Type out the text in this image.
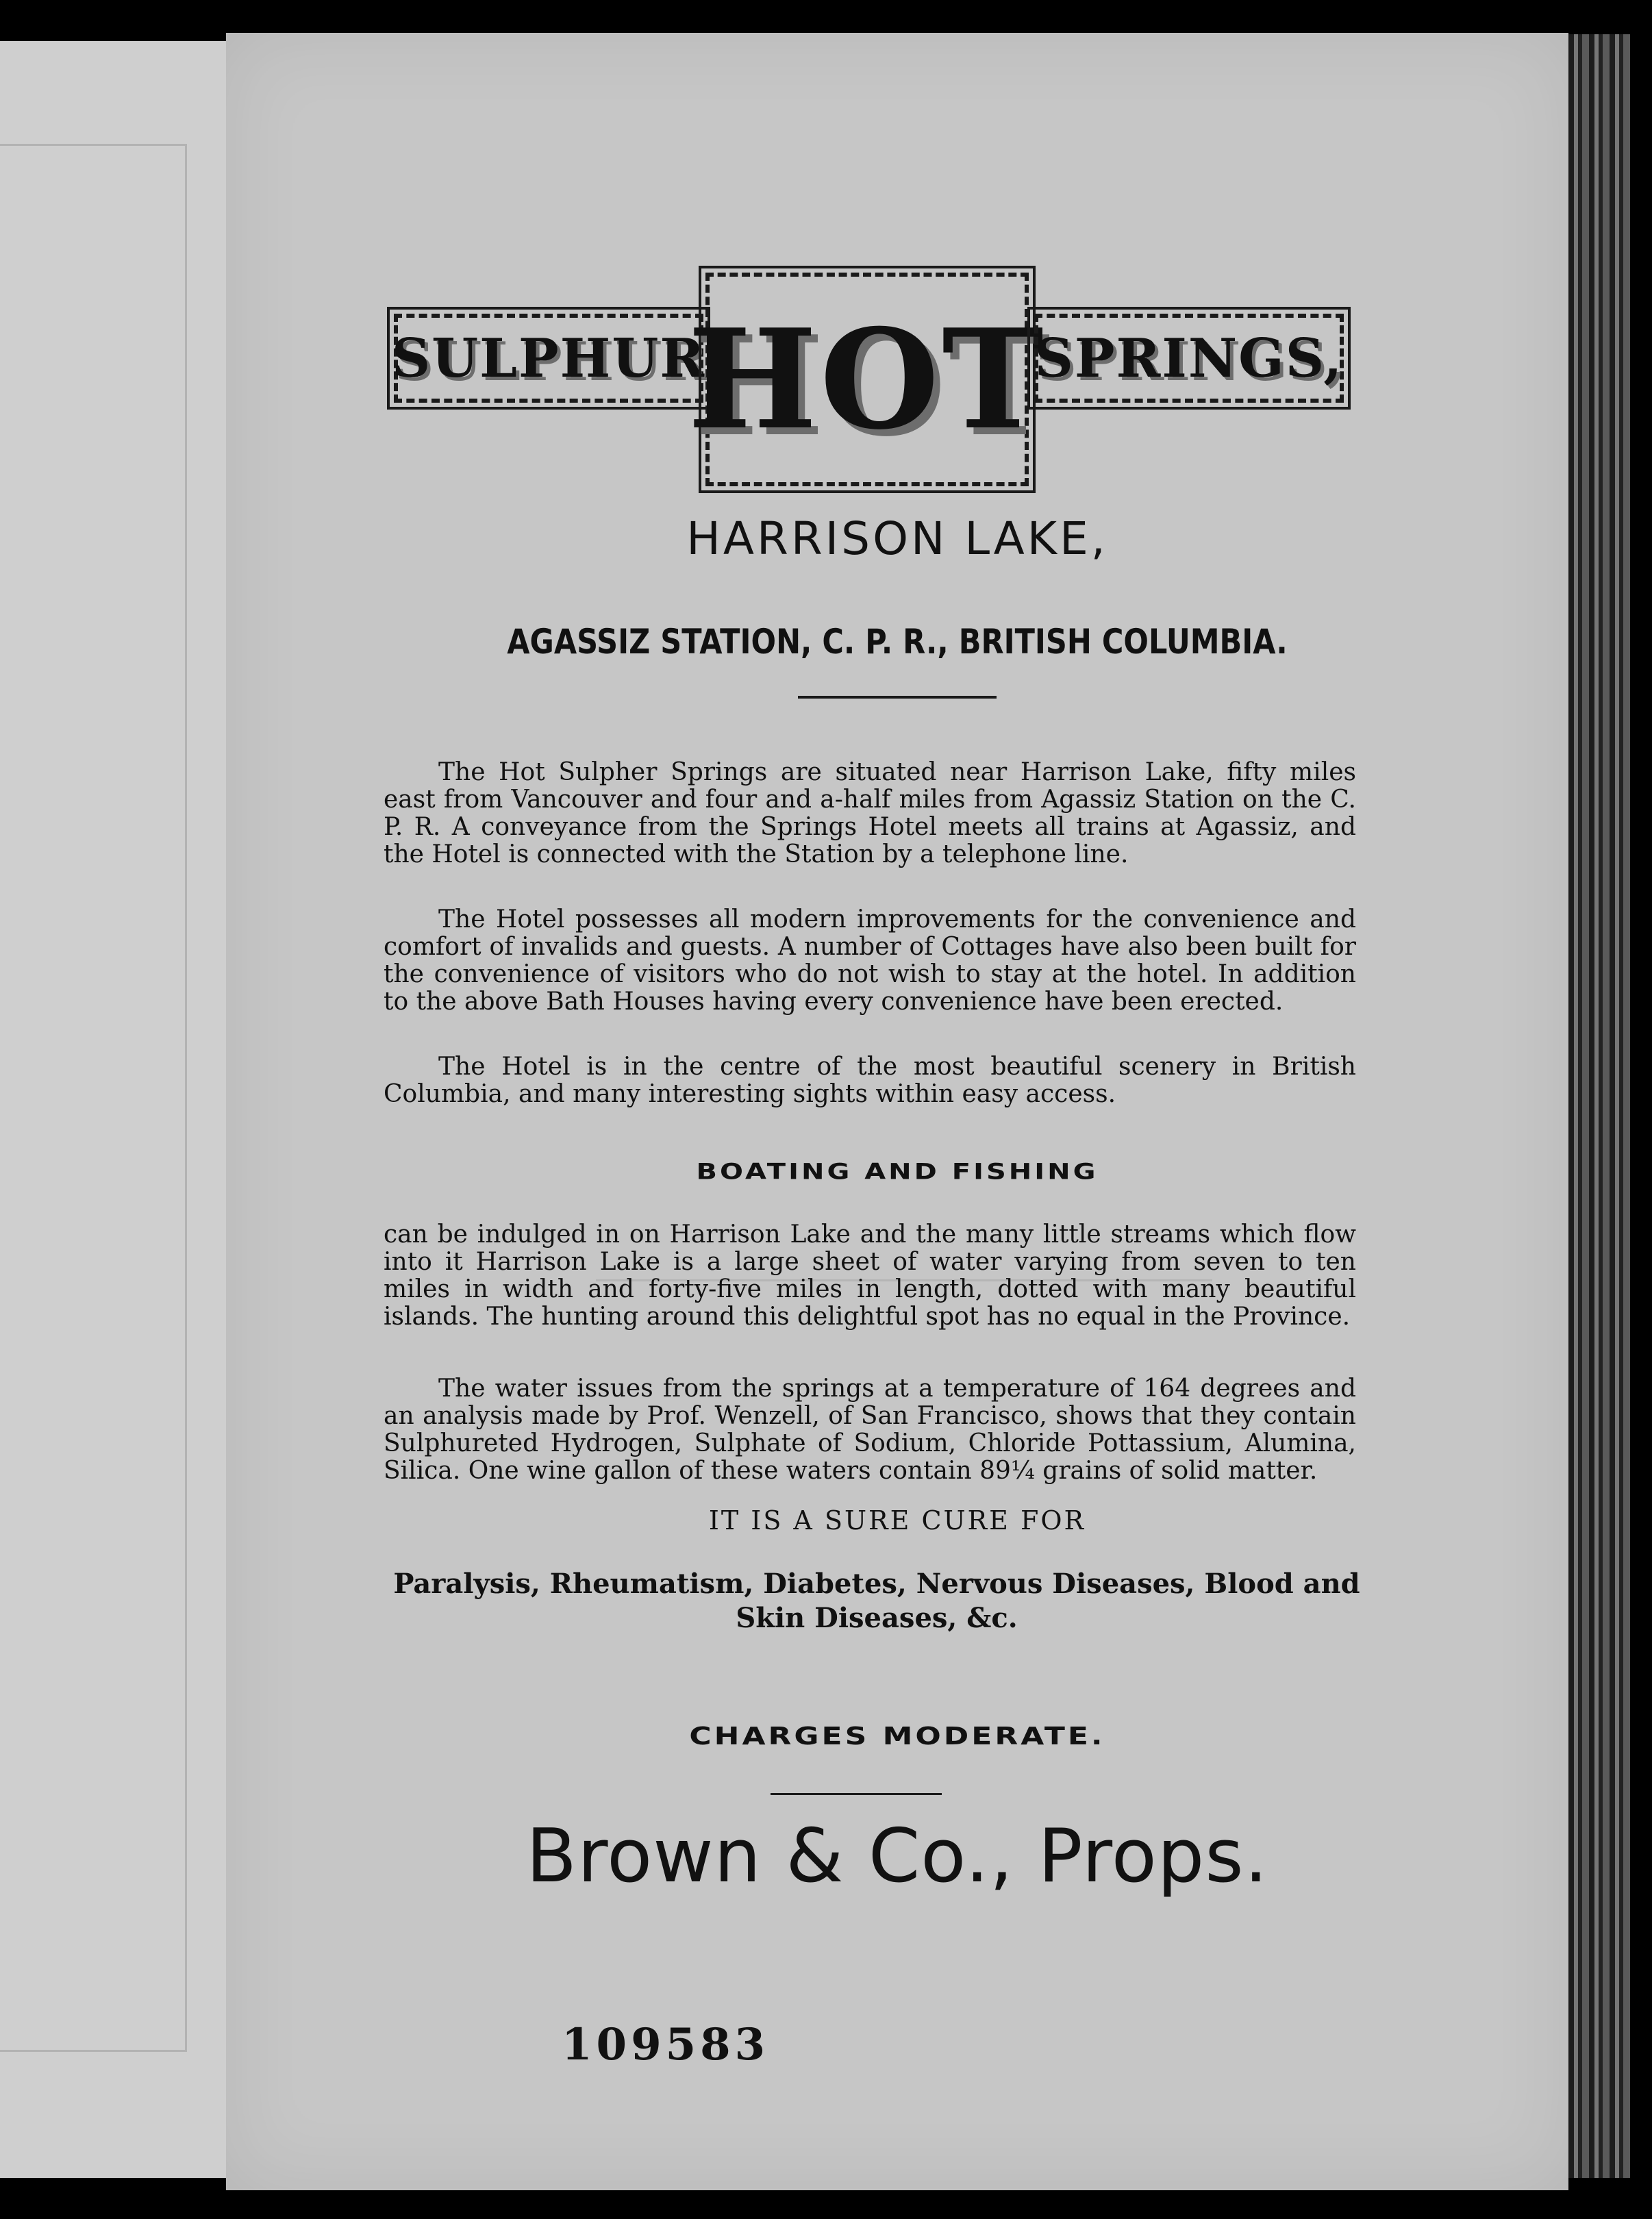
SULPHUR
HOT
SPRINGS,
HARRISON LAKE,
AGASSIZ STATION, C. P. R., BRITISH COLUMBIA.

The Hot Sulpher Springs are situated near Harrison Lake, fifty miles east from Vancouver and four and a-half miles from Agassiz Station on the C. P. R. A conveyance from the Springs Hotel meets all trains at Agassiz, and the Hotel is connected with the Station by a telephone line.

The Hotel possesses all modern improvements for the convenience and comfort of invalids and guests. A number of Cottages have also been built for the convenience of visitors who do not wish to stay at the hotel. In addition to the above Bath Houses having every convenience have been erected.

The Hotel is in the centre of the most beautiful scenery in British Columbia, and many interesting sights within easy access.

BOATING AND FISHING

can be indulged in on Harrison Lake and the many little streams which flow into it Harrison Lake is a large sheet of water varying from seven to ten miles in width and forty-five miles in length, dotted with many beautiful islands. The hunting around this delightful spot has no equal in the Province.

The water issues from the springs at a temperature of 164 degrees and an analysis made by Prof. Wenzell, of San Francisco, shows that they contain Sulphureted Hydrogen, Sulphate of Sodium, Chloride Pottassium, Alumina, Silica. One wine gallon of these waters contain 89¼ grains of solid matter.

IT IS A SURE CURE FOR
Paralysis, Rheumatism, Diabetes, Nervous Diseases, Blood and Skin Diseases, &c.
CHARGES MODERATE.
Brown & Co., Props.
109583
